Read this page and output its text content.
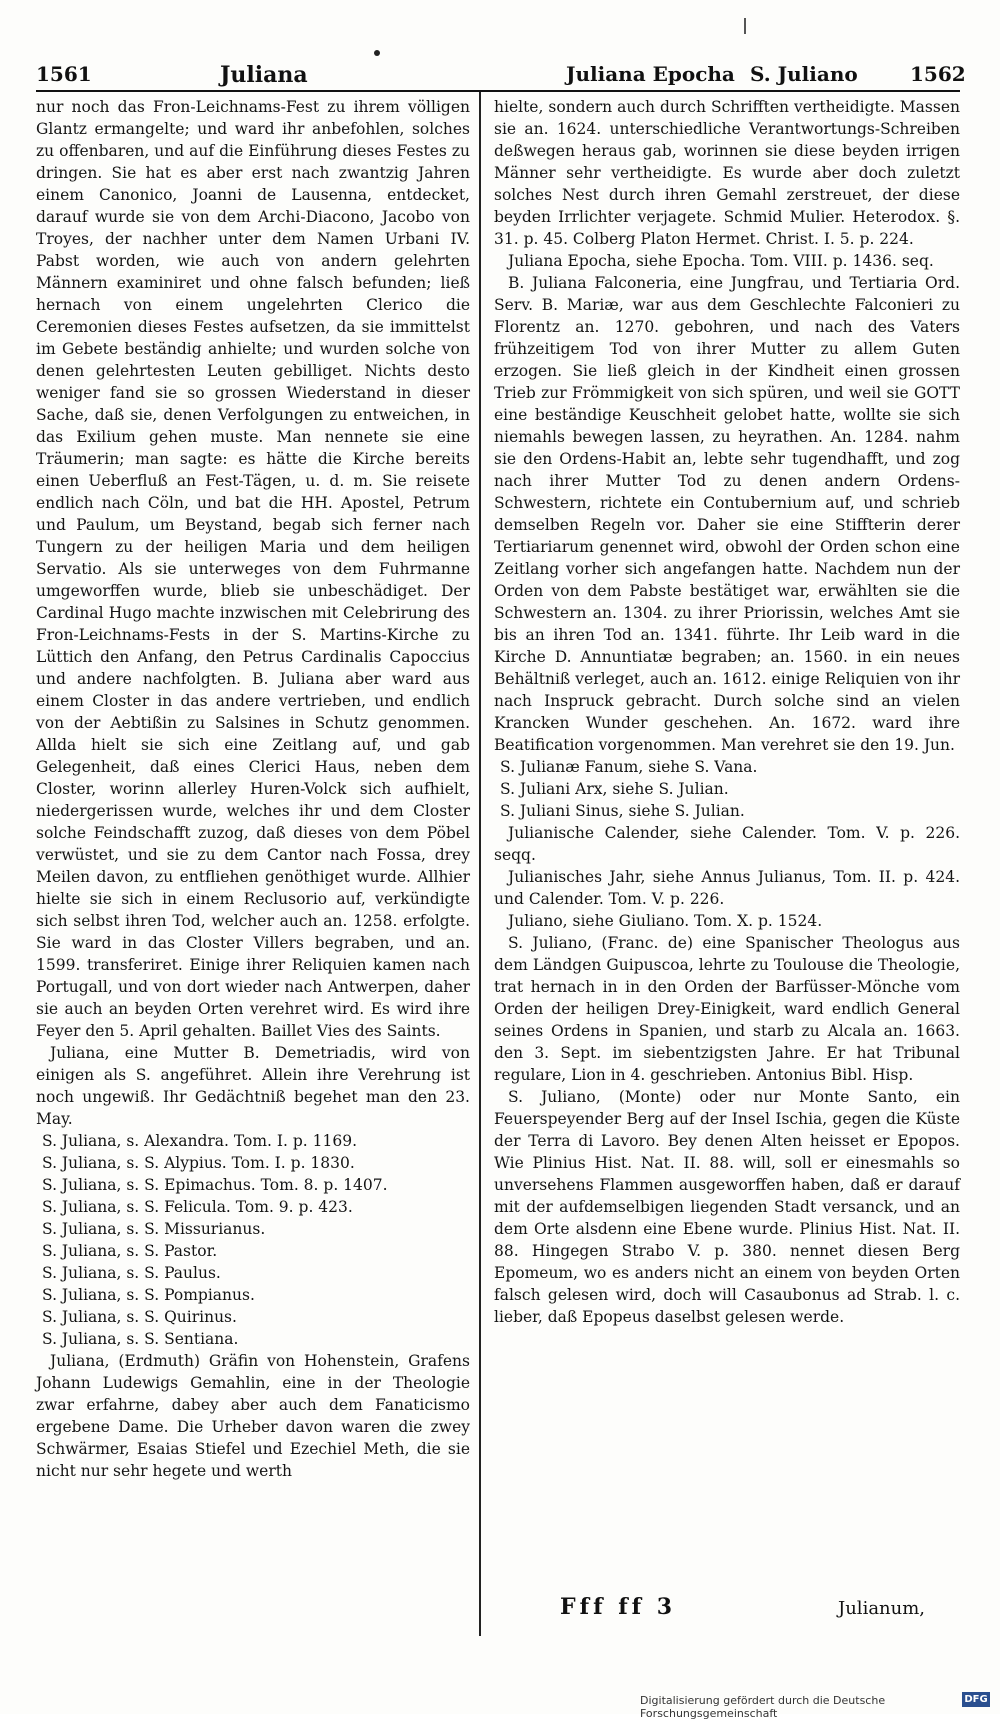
1561	Juliana	Juliana Epocha S. Juliano	1562

nur noch das Fron-Leichnams-Fest zu ihrem völligen Glantz ermangelte; und ward ihr anbefohlen, solches zu offenbaren, und auf die Einführung dieses Festes zu dringen. Sie hat es aber erst nach zwantzig Jahren einem Canonico, Joanni de Lausenna, entdecket, darauf wurde sie von dem Archi-Diacono, Jacobo von Troyes, der nachher unter dem Namen Urbani IV. Pabst worden, wie auch von andern gelehrten Männern examiniret und ohne falsch befunden; ließ hernach von einem ungelehrten Clerico die Ceremonien dieses Festes aufsetzen, da sie immittelst im Gebete beständig anhielte; und wurden solche von denen gelehrtesten Leuten gebilliget. Nichts desto weniger fand sie so grossen Wiederstand in dieser Sache, daß sie, denen Verfolgungen zu entweichen, in das Exilium gehen muste. Man nennete sie eine Träumerin; man sagte: es hätte die Kirche bereits einen Ueberfluß an Fest-Tägen, u. d. m. Sie reisete endlich nach Cöln, und bat die HH. Apostel, Petrum und Paulum, um Beystand, begab sich ferner nach Tungern zu der heiligen Maria und dem heiligen Servatio. Als sie unterweges von dem Fuhrmanne umgeworffen wurde, blieb sie unbeschädiget. Der Cardinal Hugo machte inzwischen mit Celebrirung des Fron-Leichnams-Fests in der S. Martins-Kirche zu Lüttich den Anfang, den Petrus Cardinalis Capoccius und andere nachfolgten. B. Juliana aber ward aus einem Closter in das andere vertrieben, und endlich von der Aebtißin zu Salsines in Schutz genommen. Allda hielt sie sich eine Zeitlang auf, und gab Gelegenheit, daß eines Clerici Haus, neben dem Closter, worinn allerley Huren-Volck sich aufhielt, niedergerissen wurde, welches ihr und dem Closter solche Feindschafft zuzog, daß dieses von dem Pöbel verwüstet, und sie zu dem Cantor nach Fossa, drey Meilen davon, zu entfliehen genöthiget wurde. Allhier hielte sie sich in einem Reclusorio auf, verkündigte sich selbst ihren Tod, welcher auch an. 1258. erfolgte. Sie ward in das Closter Villers begraben, und an. 1599. transferiret. Einige ihrer Reliquien kamen nach Portugall, und von dort wieder nach Antwerpen, daher sie auch an beyden Orten verehret wird. Es wird ihre Feyer den 5. April gehalten. Baillet Vies des Saints.

Juliana, eine Mutter B. Demetriadis, wird von einigen als S. angeführet. Allein ihre Verehrung ist noch ungewiß. Ihr Gedächtniß begehet man den 23. May.

S. Juliana, s. Alexandra. Tom. I. p. 1169.

S. Juliana, s. S. Alypius. Tom. I. p. 1830.

S. Juliana, s. S. Epimachus. Tom. 8. p. 1407.

S. Juliana, s. S. Felicula. Tom. 9. p. 423.

S. Juliana, s. S. Missurianus.

S. Juliana, s. S. Pastor.

S. Juliana, s. S. Paulus.

S. Juliana, s. S. Pompianus.

S. Juliana, s. S. Quirinus.

S. Juliana, s. S. Sentiana.

Juliana, (Erdmuth) Gräfin von Hohenstein, Grafens Johann Ludewigs Gemahlin, eine in der Theologie zwar erfahrne, dabey aber auch dem Fanaticismo ergebene Dame. Die Urheber davon waren die zwey Schwärmer, Esaias Stiefel und Ezechiel Meth, die sie nicht nur sehr hegete und werth

hielte, sondern auch durch Schrifften vertheidigte. Massen sie an. 1624. unterschiedliche Verantwortungs-Schreiben deßwegen heraus gab, worinnen sie diese beyden irrigen Männer sehr vertheidigte. Es wurde aber doch zuletzt solches Nest durch ihren Gemahl zerstreuet, der diese beyden Irrlichter verjagete. Schmid Mulier. Heterodox. §. 31. p. 45. Colberg Platon Hermet. Christ. I. 5. p. 224.

Juliana Epocha, siehe Epocha. Tom. VIII. p. 1436. seq.

B. Juliana Falconeria, eine Jungfrau, und Tertiaria Ord. Serv. B. Mariæ, war aus dem Geschlechte Falconieri zu Florentz an. 1270. gebohren, und nach des Vaters frühzeitigem Tod von ihrer Mutter zu allem Guten erzogen. Sie ließ gleich in der Kindheit einen grossen Trieb zur Frömmigkeit von sich spüren, und weil sie GOTT eine beständige Keuschheit gelobet hatte, wollte sie sich niemahls bewegen lassen, zu heyrathen. An. 1284. nahm sie den Ordens-Habit an, lebte sehr tugendhafft, und zog nach ihrer Mutter Tod zu denen andern Ordens-Schwestern, richtete ein Contubernium auf, und schrieb demselben Regeln vor. Daher sie eine Stiffterin derer Tertiariarum genennet wird, obwohl der Orden schon eine Zeitlang vorher sich angefangen hatte. Nachdem nun der Orden von dem Pabste bestätiget war, erwählten sie die Schwestern an. 1304. zu ihrer Priorissin, welches Amt sie bis an ihren Tod an. 1341. führte. Ihr Leib ward in die Kirche D. Annuntiatæ begraben; an. 1560. in ein neues Behältniß verleget, auch an. 1612. einige Reliquien von ihr nach Inspruck gebracht. Durch solche sind an vielen Krancken Wunder geschehen. An. 1672. ward ihre Beatification vorgenommen. Man verehret sie den 19. Jun.

S. Julianæ Fanum, siehe S. Vana.

S. Juliani Arx, siehe S. Julian.

S. Juliani Sinus, siehe S. Julian.

Julianische Calender, siehe Calender. Tom. V. p. 226. seqq.

Julianisches Jahr, siehe Annus Julianus, Tom. II. p. 424. und Calender. Tom. V. p. 226.

Juliano, siehe Giuliano. Tom. X. p. 1524.

S. Juliano, (Franc. de) eine Spanischer Theologus aus dem Ländgen Guipuscoa, lehrte zu Toulouse die Theologie, trat hernach in in den Orden der Barfüsser-Mönche vom Orden der heiligen Drey-Einigkeit, ward endlich General seines Ordens in Spanien, und starb zu Alcala an. 1663. den 3. Sept. im siebentzigsten Jahre. Er hat Tribunal regulare, Lion in 4. geschrieben. Antonius Bibl. Hisp.

S. Juliano, (Monte) oder nur Monte Santo, ein Feuerspeyender Berg auf der Insel Ischia, gegen die Küste der Terra di Lavoro. Bey denen Alten heisset er Epopos. Wie Plinius Hist. Nat. II. 88. will, soll er einesmahls so unversehens Flammen ausgeworffen haben, daß er darauf mit der aufdemselbigen liegenden Stadt versanck, und an dem Orte alsdenn eine Ebene wurde. Plinius Hist. Nat. II. 88. Hingegen Strabo V. p. 380. nennet diesen Berg Epomeum, wo es anders nicht an einem von beyden Orten falsch gelesen wird, doch will Casaubonus ad Strab. l. c. lieber, daß Epopeus daselbst gelesen werde.

Fff ff 3	Julianum,
Digitalisierung gefördert durch die Deutsche Forschungsgemeinschaft
DFG
